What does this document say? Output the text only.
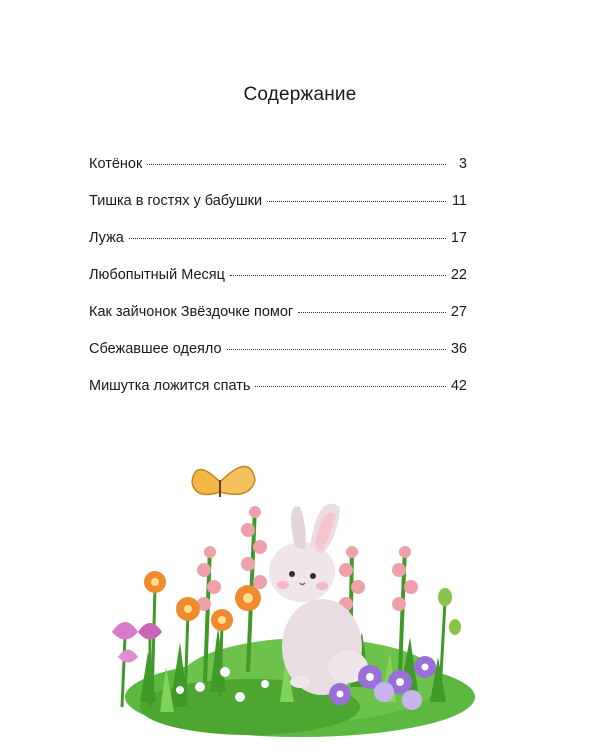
Содержание
Котёнок	3
Тишка в гостях у бабушки	11
Лужа	17
Любопытный Месяц	22
Как зайчонок Звёздочке помог	27
Сбежавшее одеяло	36
Мишутка ложится спать	42
